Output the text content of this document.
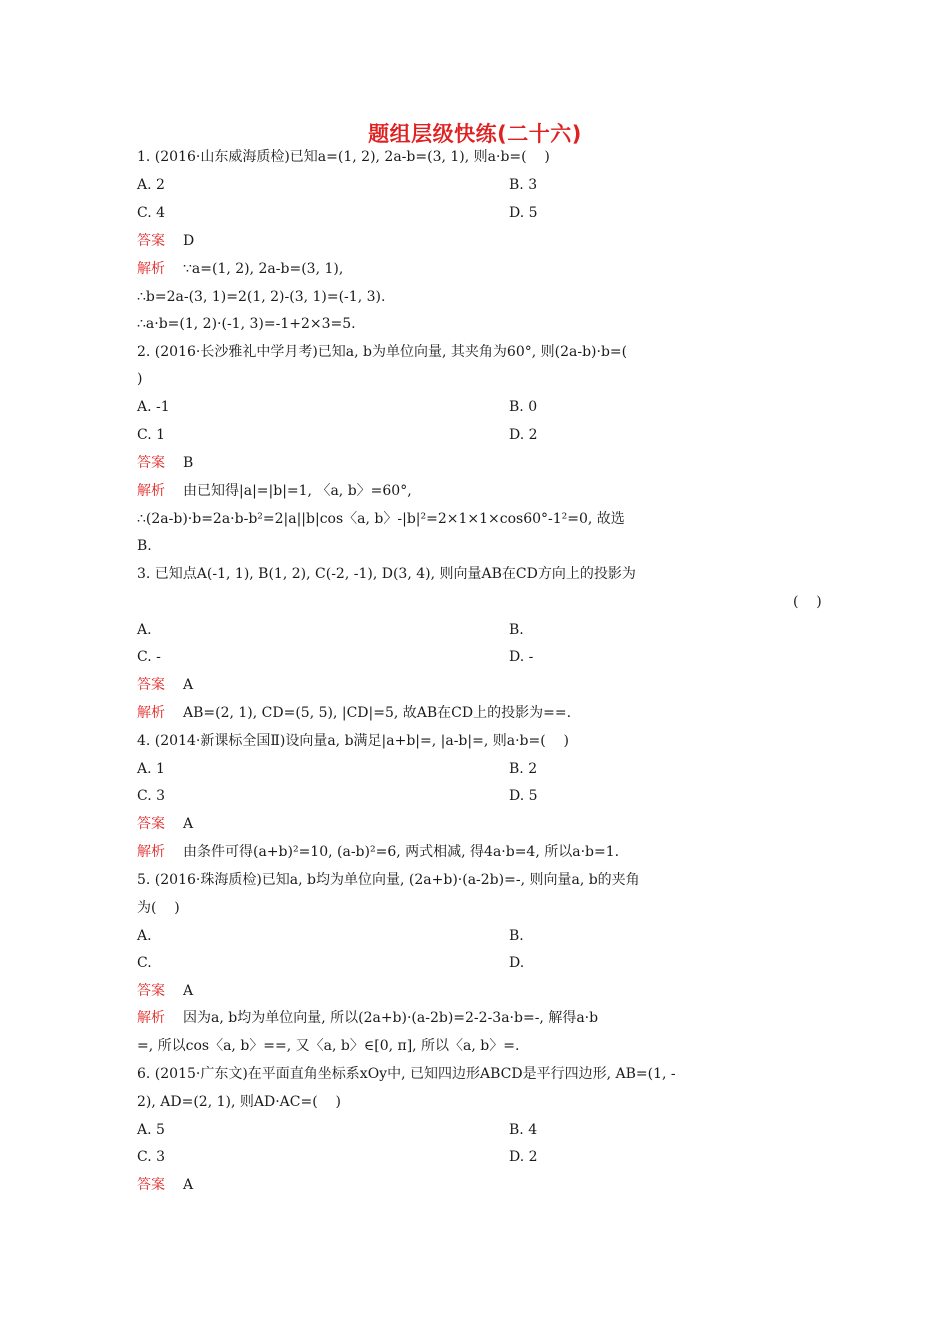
题组层级快练(二十六)
1. (2016·山东威海质检)已知a=(1, 2), 2a-b=(3, 1), 则a·b=(    )
A. 2	B. 3
C. 4	D. 5
答案 D
解析 ∵a=(1, 2), 2a-b=(3, 1),
∴b=2a-(3, 1)=2(1, 2)-(3, 1)=(-1, 3).
∴a·b=(1, 2)·(-1, 3)=-1+2×3=5.
2. (2016·长沙雅礼中学月考)已知a, b为单位向量, 其夹角为60°, 则(2a-b)·b=(
)
A. -1	B. 0
C. 1	D. 2
答案 B
解析 由已知得|a|=|b|=1, 〈a, b〉=60°,
∴(2a-b)·b=2a·b-b²=2|a||b|cos〈a, b〉-|b|²=2×1×1×cos60°-1²=0, 故选
B.
3. 已知点A(-1, 1), B(1, 2), C(-2, -1), D(3, 4), 则向量AB在CD方向上的投影为
(    )
A.	B.
C. -	D. -
答案 A
解析 AB=(2, 1), CD=(5, 5), |CD|=5, 故AB在CD上的投影为==.
4. (2014·新课标全国Ⅱ)设向量a, b满足|a+b|=, |a-b|=, 则a·b=(    )
A. 1	B. 2
C. 3	D. 5
答案 A
解析 由条件可得(a+b)²=10, (a-b)²=6, 两式相减, 得4a·b=4, 所以a·b=1.
5. (2016·珠海质检)已知a, b均为单位向量, (2a+b)·(a-2b)=-, 则向量a, b的夹角
为(    )
A.	B.
C.	D.
答案 A
解析 因为a, b均为单位向量, 所以(2a+b)·(a-2b)=2-2-3a·b=-, 解得a·b
=, 所以cos〈a, b〉==, 又〈a, b〉∈[0, π], 所以〈a, b〉=.
6. (2015·广东文)在平面直角坐标系xOy中, 已知四边形ABCD是平行四边形, AB=(1, -
2), AD=(2, 1), 则AD·AC=(    )
A. 5	B. 4
C. 3	D. 2
答案 A
